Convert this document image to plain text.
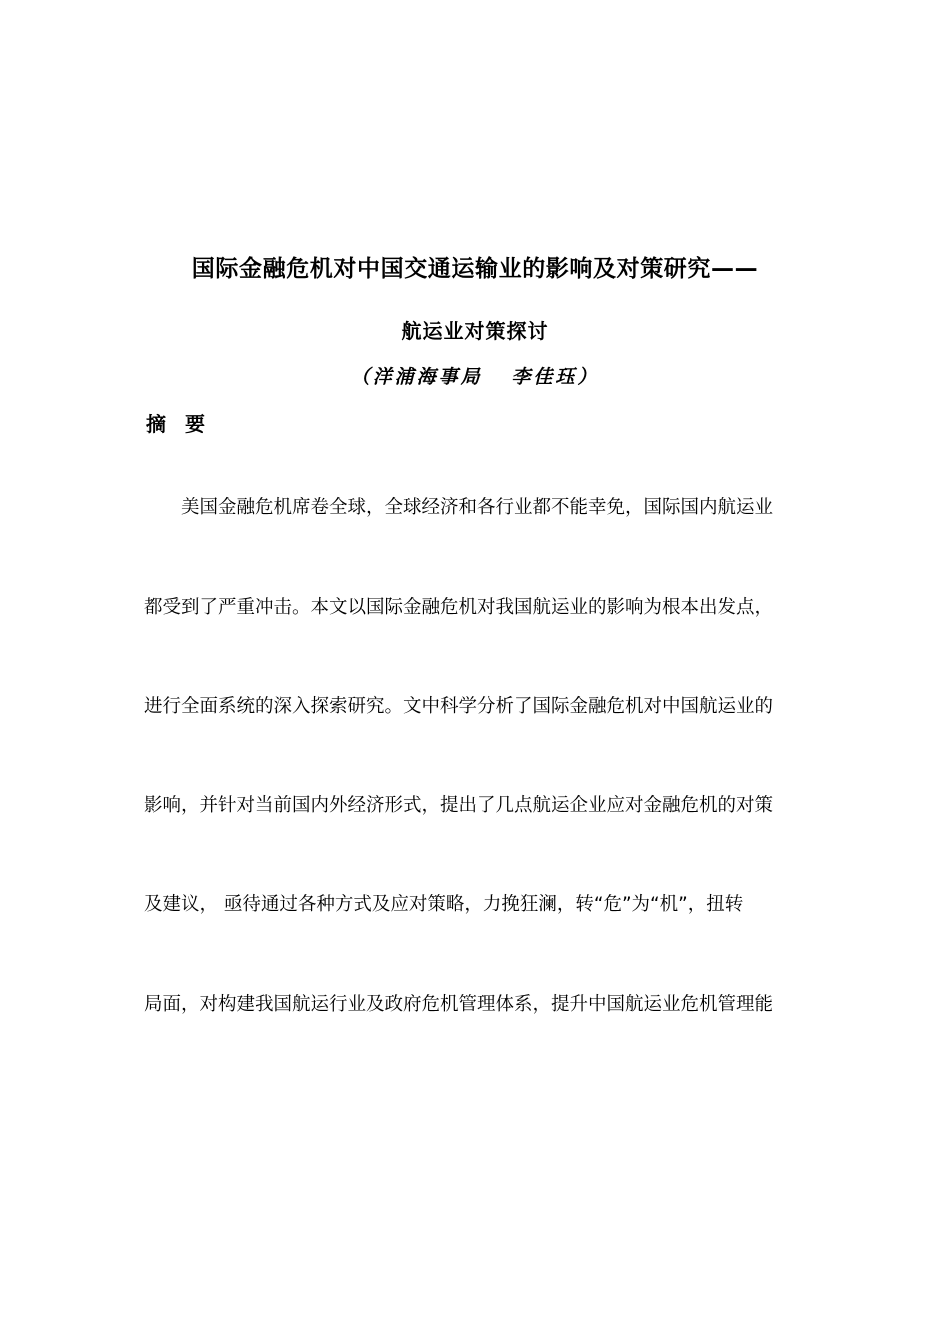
国际金融危机对中国交通运输业的影响及对策研究——
航运业对策探讨
（洋浦海事局   李佳珏）
摘 要
美国金融危机席卷全球，全球经济和各行业都不能幸免，国际国内航运业
都受到了严重冲击。本文以国际金融危机对我国航运业的影响为根本出发点，
进行全面系统的深入探索研究。文中科学分析了国际金融危机对中国航运业的
影响，并针对当前国内外经济形式，提出了几点航运企业应对金融危机的对策
及建议， 亟待通过各种方式及应对策略，力挽狂澜，转“危”为“机”，扭转
局面，对构建我国航运行业及政府危机管理体系，提升中国航运业危机管理能
